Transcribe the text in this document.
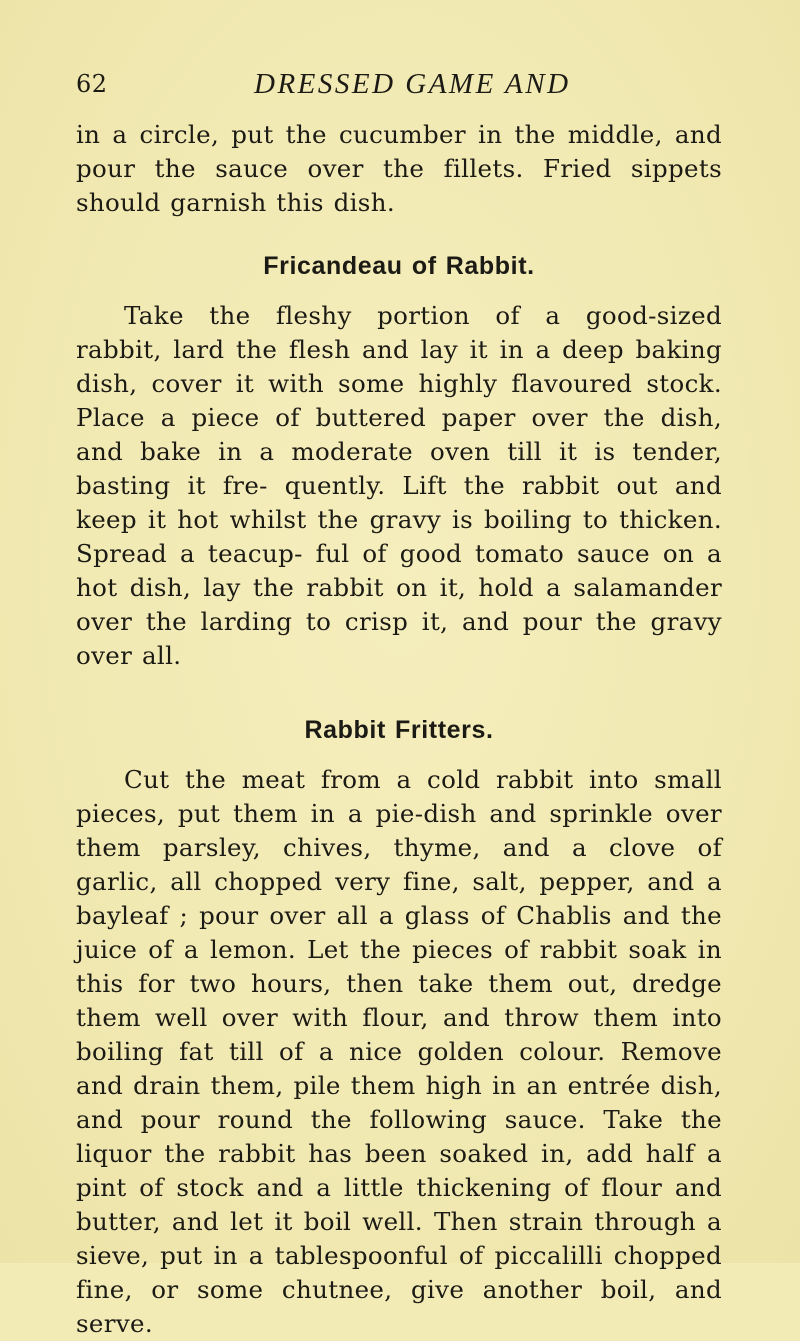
62	DRESSED GAME AND

in a circle, put the cucumber in the middle, and pour the sauce over the fillets. Fried sippets should garnish this dish.

Fricandeau of Rabbit.

Take the fleshy portion of a good-sized rabbit, lard the flesh and lay it in a deep baking dish, cover it with some highly flavoured stock. Place a piece of buttered paper over the dish, and bake in a moderate oven till it is tender, basting it fre- quently. Lift the rabbit out and keep it hot whilst the gravy is boiling to thicken. Spread a teacup- ful of good tomato sauce on a hot dish, lay the rabbit on it, hold a salamander over the larding to crisp it, and pour the gravy over all.

Rabbit Fritters.

Cut the meat from a cold rabbit into small pieces, put them in a pie-dish and sprinkle over them parsley, chives, thyme, and a clove of garlic, all chopped very fine, salt, pepper, and a bayleaf ; pour over all a glass of Chablis and the juice of a lemon. Let the pieces of rabbit soak in this for two hours, then take them out, dredge them well over with flour, and throw them into boiling fat till of a nice golden colour. Remove and drain them, pile them high in an entrée dish, and pour round the following sauce. Take the liquor the rabbit has been soaked in, add half a pint of stock and a little thickening of flour and butter, and let it boil well. Then strain through a sieve, put in a tablespoonful of piccalilli chopped fine, or some chutnee, give another boil, and serve.
